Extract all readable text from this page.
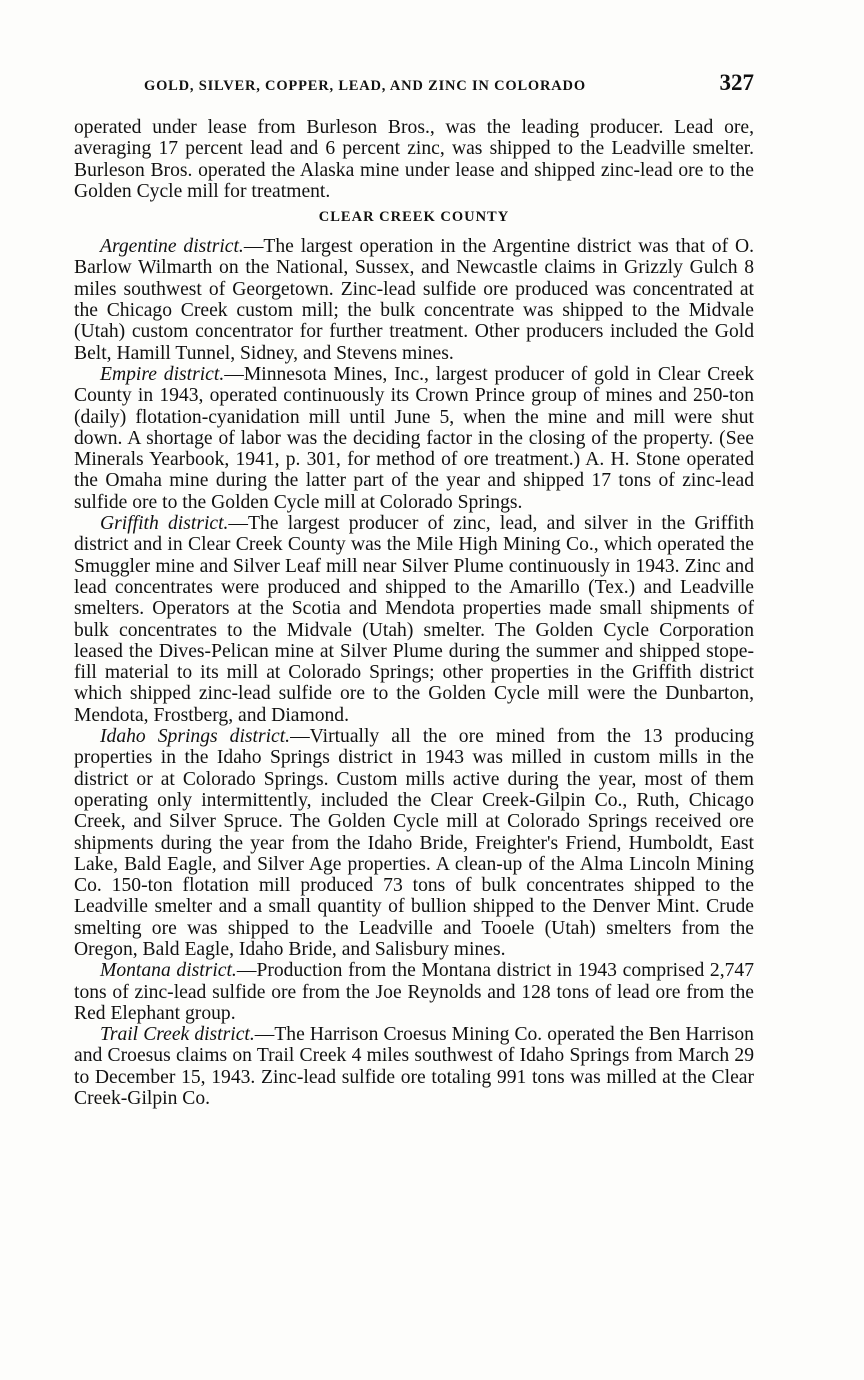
GOLD, SILVER, COPPER, LEAD, AND ZINC IN COLORADO	327

operated under lease from Burleson Bros., was the leading producer. Lead ore, averaging 17 percent lead and 6 percent zinc, was shipped to the Leadville smelter. Burleson Bros. operated the Alaska mine under lease and shipped zinc-lead ore to the Golden Cycle mill for treatment.

CLEAR CREEK COUNTY

Argentine district.—The largest operation in the Argentine district was that of O. Barlow Wilmarth on the National, Sussex, and Newcastle claims in Grizzly Gulch 8 miles southwest of Georgetown. Zinc-lead sulfide ore produced was concentrated at the Chicago Creek custom mill; the bulk concentrate was shipped to the Midvale (Utah) custom concentrator for further treatment. Other producers included the Gold Belt, Hamill Tunnel, Sidney, and Stevens mines.

Empire district.—Minnesota Mines, Inc., largest producer of gold in Clear Creek County in 1943, operated continuously its Crown Prince group of mines and 250-ton (daily) flotation-cyanidation mill until June 5, when the mine and mill were shut down. A shortage of labor was the deciding factor in the closing of the property. (See Minerals Yearbook, 1941, p. 301, for method of ore treatment.) A. H. Stone operated the Omaha mine during the latter part of the year and shipped 17 tons of zinc-lead sulfide ore to the Golden Cycle mill at Colorado Springs.

Griffith district.—The largest producer of zinc, lead, and silver in the Griffith district and in Clear Creek County was the Mile High Mining Co., which operated the Smuggler mine and Silver Leaf mill near Silver Plume continuously in 1943. Zinc and lead concentrates were produced and shipped to the Amarillo (Tex.) and Leadville smelters. Operators at the Scotia and Mendota properties made small shipments of bulk concentrates to the Midvale (Utah) smelter. The Golden Cycle Corporation leased the Dives-Pelican mine at Silver Plume during the summer and shipped stope-fill material to its mill at Colorado Springs; other properties in the Griffith district which shipped zinc-lead sulfide ore to the Golden Cycle mill were the Dunbarton, Mendota, Frostberg, and Diamond.

Idaho Springs district.—Virtually all the ore mined from the 13 producing properties in the Idaho Springs district in 1943 was milled in custom mills in the district or at Colorado Springs. Custom mills active during the year, most of them operating only intermittently, included the Clear Creek-Gilpin Co., Ruth, Chicago Creek, and Silver Spruce. The Golden Cycle mill at Colorado Springs received ore shipments during the year from the Idaho Bride, Freighter's Friend, Humboldt, East Lake, Bald Eagle, and Silver Age properties. A clean-up of the Alma Lincoln Mining Co. 150-ton flotation mill produced 73 tons of bulk concentrates shipped to the Leadville smelter and a small quantity of bullion shipped to the Denver Mint. Crude smelting ore was shipped to the Leadville and Tooele (Utah) smelters from the Oregon, Bald Eagle, Idaho Bride, and Salisbury mines.

Montana district.—Production from the Montana district in 1943 comprised 2,747 tons of zinc-lead sulfide ore from the Joe Reynolds and 128 tons of lead ore from the Red Elephant group.

Trail Creek district.—The Harrison Croesus Mining Co. operated the Ben Harrison and Croesus claims on Trail Creek 4 miles southwest of Idaho Springs from March 29 to December 15, 1943. Zinc-lead sulfide ore totaling 991 tons was milled at the Clear Creek-Gilpin Co.
